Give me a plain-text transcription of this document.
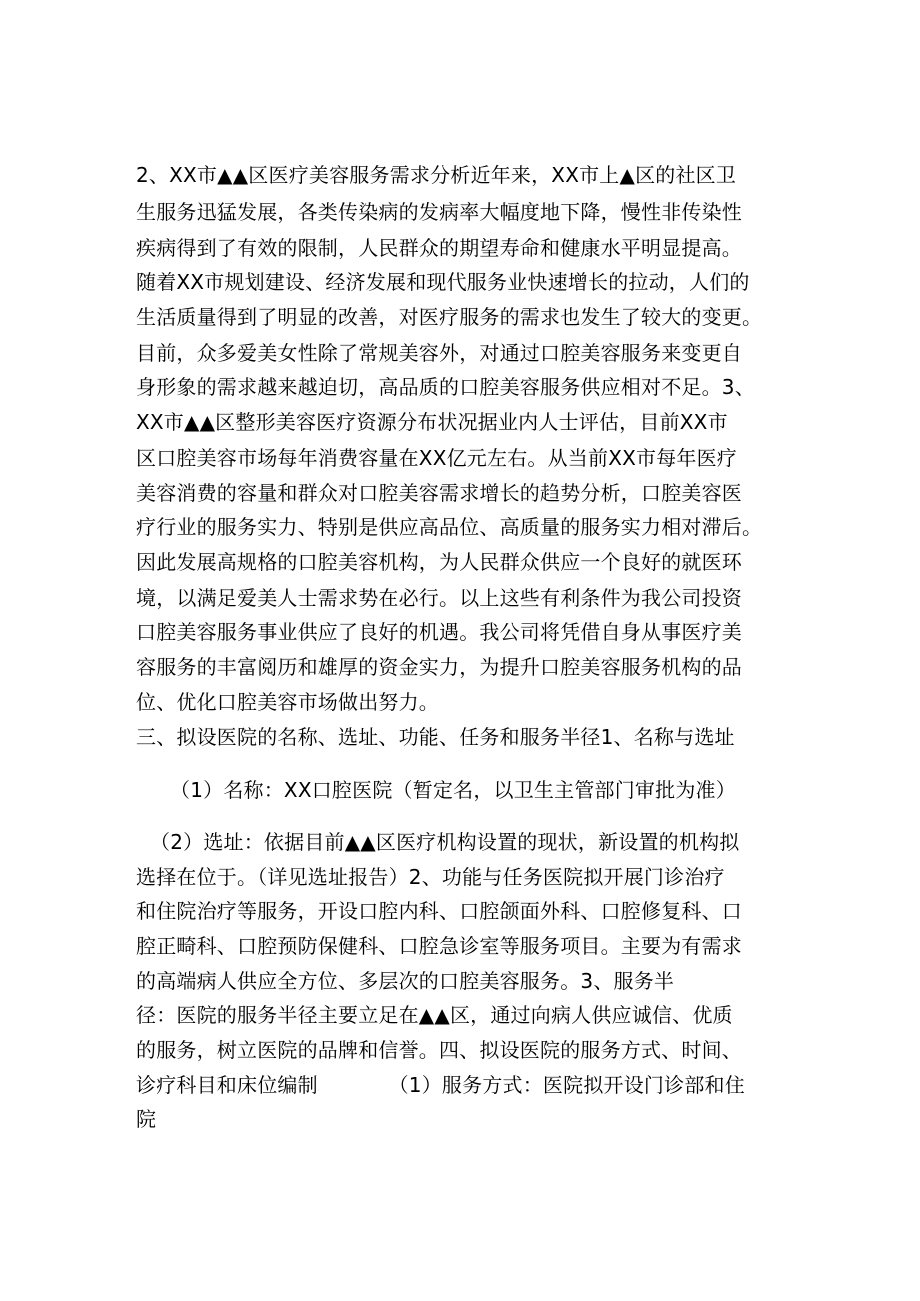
2、XX市▲▲区医疗美容服务需求分析近年来，XX市上▲区的社区卫
生服务迅猛发展，各类传染病的发病率大幅度地下降，慢性非传染性
疾病得到了有效的限制，人民群众的期望寿命和健康水平明显提高。
随着XX市规划建设、经济发展和现代服务业快速增长的拉动，人们的
生活质量得到了明显的改善，对医疗服务的需求也发生了较大的变更。
目前，众多爱美女性除了常规美容外，对通过口腔美容服务来变更自
身形象的需求越来越迫切，高品质的口腔美容服务供应相对不足。3、
XX市▲▲区整形美容医疗资源分布状况据业内人士评估，目前XX市
区口腔美容市场每年消费容量在XX亿元左右。从当前XX市每年医疗
美容消费的容量和群众对口腔美容需求增长的趋势分析，口腔美容医
疗行业的服务实力、特别是供应高品位、高质量的服务实力相对滞后。
因此发展高规格的口腔美容机构，为人民群众供应一个良好的就医环
境，以满足爱美人士需求势在必行。以上这些有利条件为我公司投资
口腔美容服务事业供应了良好的机遇。我公司将凭借自身从事医疗美
容服务的丰富阅历和雄厚的资金实力，为提升口腔美容服务机构的品
位、优化口腔美容市场做出努力。
三、拟设医院的名称、选址、功能、任务和服务半径1、名称与选址
（1）名称：XX口腔医院（暂定名，以卫生主管部门审批为准）
（2）选址：依据目前▲▲区医疗机构设置的现状，新设置的机构拟
选择在位于。（详见选址报告）2、功能与任务医院拟开展门诊治疗
和住院治疗等服务，开设口腔内科、口腔颌面外科、口腔修复科、口
腔正畸科、口腔预防保健科、口腔急诊室等服务项目。主要为有需求
的高端病人供应全方位、多层次的口腔美容服务。3、服务半
径：医院的服务半径主要立足在▲▲区，通过向病人供应诚信、优质
的服务，树立医院的品牌和信誉。四、拟设医院的服务方式、时间、
诊疗科目和床位编制　　　　（1）服务方式：医院拟开设门诊部和住
院
